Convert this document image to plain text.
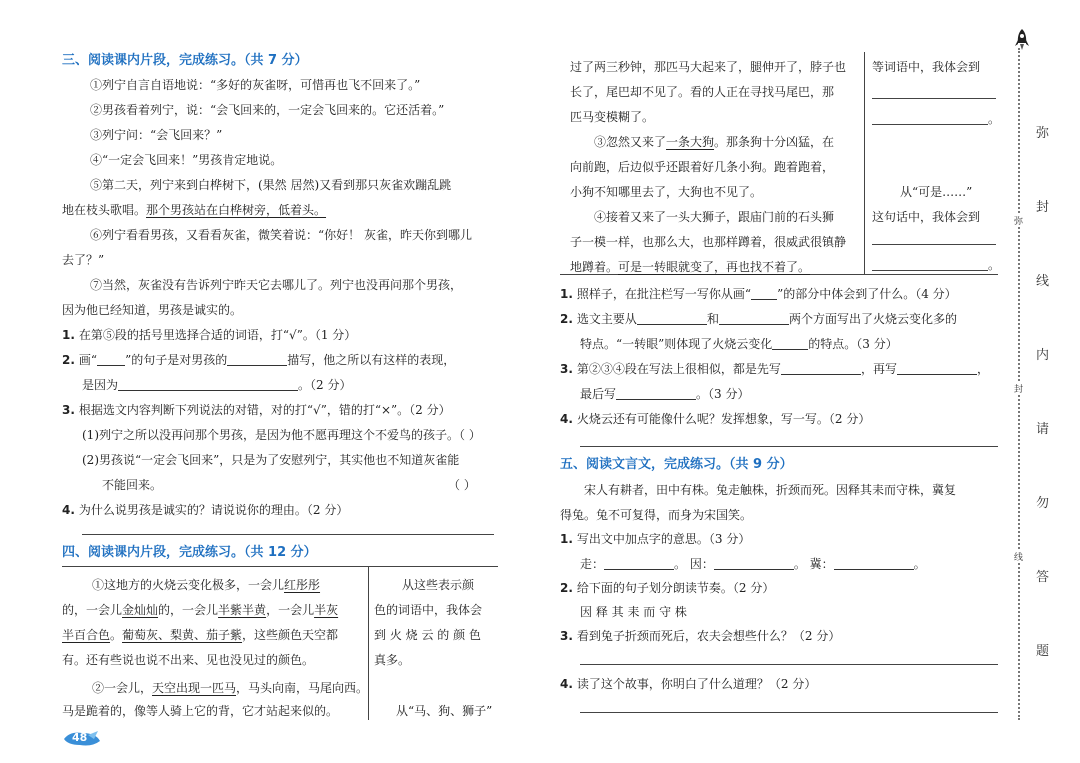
三、阅读课内片段，完成练习。（共 7 分）
①列宁自言自语地说：“多好的灰雀呀，可惜再也飞不回来了。”
②男孩看着列宁，说：“会飞回来的，一定会飞回来的。它还活着。”
③列宁问：“会飞回来？”
④“一定会飞回来！”男孩肯定地说。
⑤第二天，列宁来到白桦树下，(果然 居然)又看到那只灰雀欢蹦乱跳
地在枝头歌唱。那个男孩站在白桦树旁，低着头。
⑥列宁看看男孩，又看看灰雀，微笑着说：“你好！ 灰雀，昨天你到哪儿
去了？”
⑦当然，灰雀没有告诉列宁昨天它去哪儿了。列宁也没再问那个男孩，
因为他已经知道，男孩是诚实的。
1. 在第⑤段的括号里选择合适的词语，打“√”。（1 分）
2. 画“ ”的句子是对男孩的	描写，他之所以有这样的表现，
是因为	。（2 分）
3. 根据选文内容判断下列说法的对错，对的打“√”，错的打“×”。（2 分）
(1)列宁之所以没再问那个男孩，是因为他不愿再理这个不爱鸟的孩子。（ ）
(2)男孩说“一定会飞回来”，只是为了安慰列宁，其实他也不知道灰雀能
不能回来。	（ ）
4. 为什么说男孩是诚实的？请说说你的理由。（2 分）
四、阅读课内片段，完成练习。（共 12 分）
①这地方的火烧云变化极多，一会儿红彤彤
的，一会儿金灿灿的，一会儿半紫半黄，一会儿半灰
半百合色。葡萄灰、梨黄、茄子紫，这些颜色天空都
有。还有些说也说不出来、见也没见过的颜色。
②一会儿，天空出现一匹马，马头向南，马尾向西。
马是跪着的，像等人骑上它的背，它才站起来似的。
从这些表示颜
色的词语中，我体会
到 火 烧 云 的 颜 色
真多。
从“马、狗、狮子”
48
过了两三秒钟，那匹马大起来了，腿伸开了，脖子也
长了，尾巴却不见了。看的人正在寻找马尾巴，那
匹马变模糊了。
③忽然又来了一条大狗。那条狗十分凶猛，在
向前跑，后边似乎还跟着好几条小狗。跑着跑着，
小狗不知哪里去了，大狗也不见了。
④接着又来了一头大狮子，跟庙门前的石头狮
子一模一样，也那么大，也那样蹲着，很威武很镇静
地蹲着。可是一转眼就变了，再也找不着了。
等词语中，我体会到
。
从“可是……”
这句话中，我体会到
。
1. 照样子，在批注栏写一写你从画“ ”的部分中体会到了什么。（4 分）
2. 选文主要从	和	两个方面写出了火烧云变化多的
特点。“一转眼”则体现了火烧云变化	的特点。（3 分）
3. 第②③④段在写法上很相似，都是先写	，再写	，
最后写	。（3 分）
4. 火烧云还有可能像什么呢？发挥想象，写一写。（2 分）
五、阅读文言文，完成练习。（共 9 分）
宋人有耕者，田中有株。兔走触株，折颈而死。因释其耒而守株，冀复
得兔。兔不可复得，而身为宋国笑。
1. 写出文中加点字的意思。（3 分）
走：	。 因：	。 冀：	。
2. 给下面的句子划分朗读节奏。（2 分）
因 释 其 耒 而 守 株
3. 看到兔子折颈而死后，农夫会想些什么？（2 分）
4. 读了这个故事，你明白了什么道理？（2 分）
弥
封
线
弥
封
线
内
请
勿
答
题
